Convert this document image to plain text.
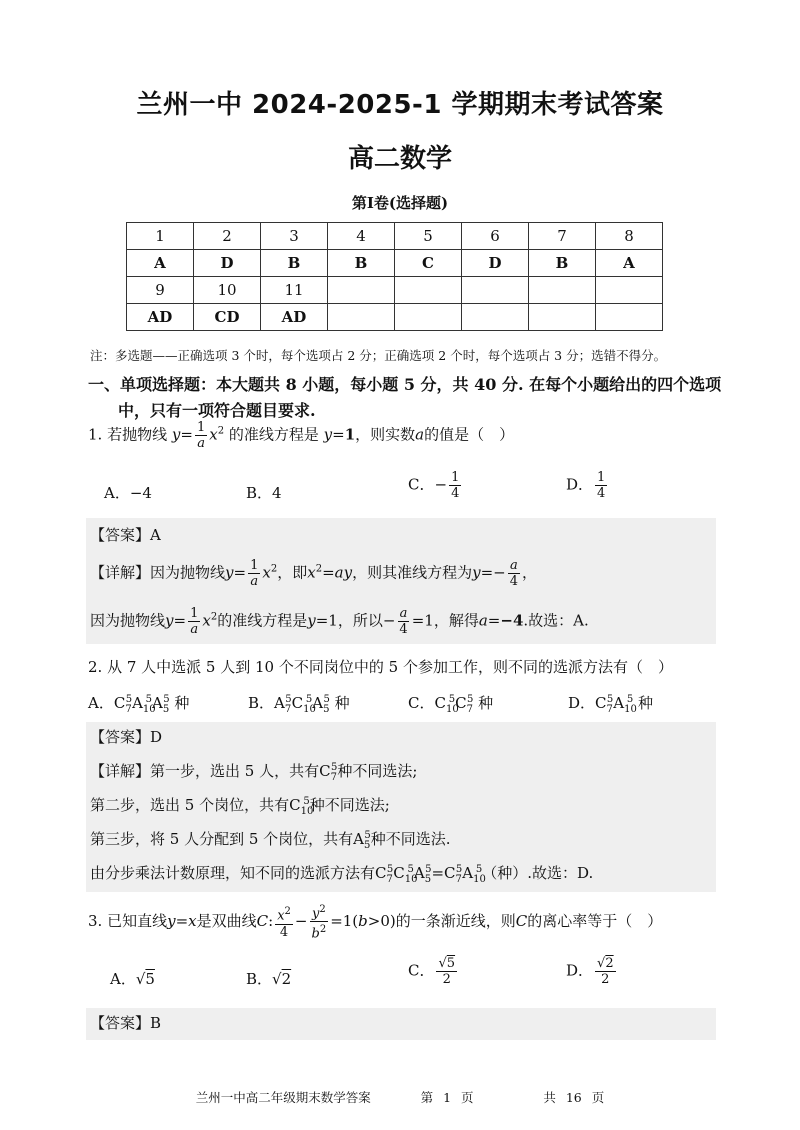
兰州一中 2024-2025-1 学期期末考试答案
高二数学
第I卷(选择题)
1	2	3	4	5	6	7	8
A	D	B	B	C	D	B	A
9	10	11					
AD	CD	AD					
注：多选题——正确选项 3 个时，每个选项占 2 分；正确选项 2 个时，每个选项占 3 分；选错不得分。
一、单项选择题：本大题共 8 小题，每小题 5 分，共 40 分. 在每个小题给出的四个选项
中，只有一项符合题目要求.
1. 若抛物线 $y= \frac{1}{a} x^2$ 的准线方程是 y=1，则实数a的值是（　）
A．−4	B．4	C．− $\frac{1}{4}$	D． $\frac{1}{4}$
【答案】A
【详解】因为抛物线$y= \frac{1}{a} x^2$，即$x^2=ay$，则其准线方程为$y=- \frac{a}{4}$ ，
因为抛物线$y= \frac{1}{a} x^2$的准线方程是y=1，所以− $\frac{a}{4} =1$，解得a=−4.故选：A.
2. 从 7 人中选派 5 人到 10 个不同岗位中的 5 个参加工作，则不同的选派方法有（　）
A．$C_7^5A_{10}^5A_5^5$ 种	B．$A_7^5C_{10}^5A_5^5$ 种	C．$C_{10}^5C_7^5$ 种	D．$C_7^5A_{10}^5$ 种
【答案】D
【详解】第一步，选出 5 人，共有$C_7^5$种不同选法;
第二步，选出 5 个岗位，共有$C_{10}^5$种不同选法;
第三步，将 5 人分配到 5 个岗位，共有$A_5^5$种不同选法.
由分步乘法计数原理，知不同的选派方法有$C_7^5C_{10}^5A_5^5=C_7^5A_{10}^5$（种）.故选：D.
3. 已知直线y=x是双曲线C: $\frac{x^2}{4} - \frac{y^2}{b^2} =1(b>0)$的一条渐近线，则C的离心率等于（　）
A．√5	B．√2	C． $\frac{√5}{2}$	D． $\frac{√2}{2}$
【答案】B
兰州一中高二年级期末数学答案	第 1 页	共 16 页
